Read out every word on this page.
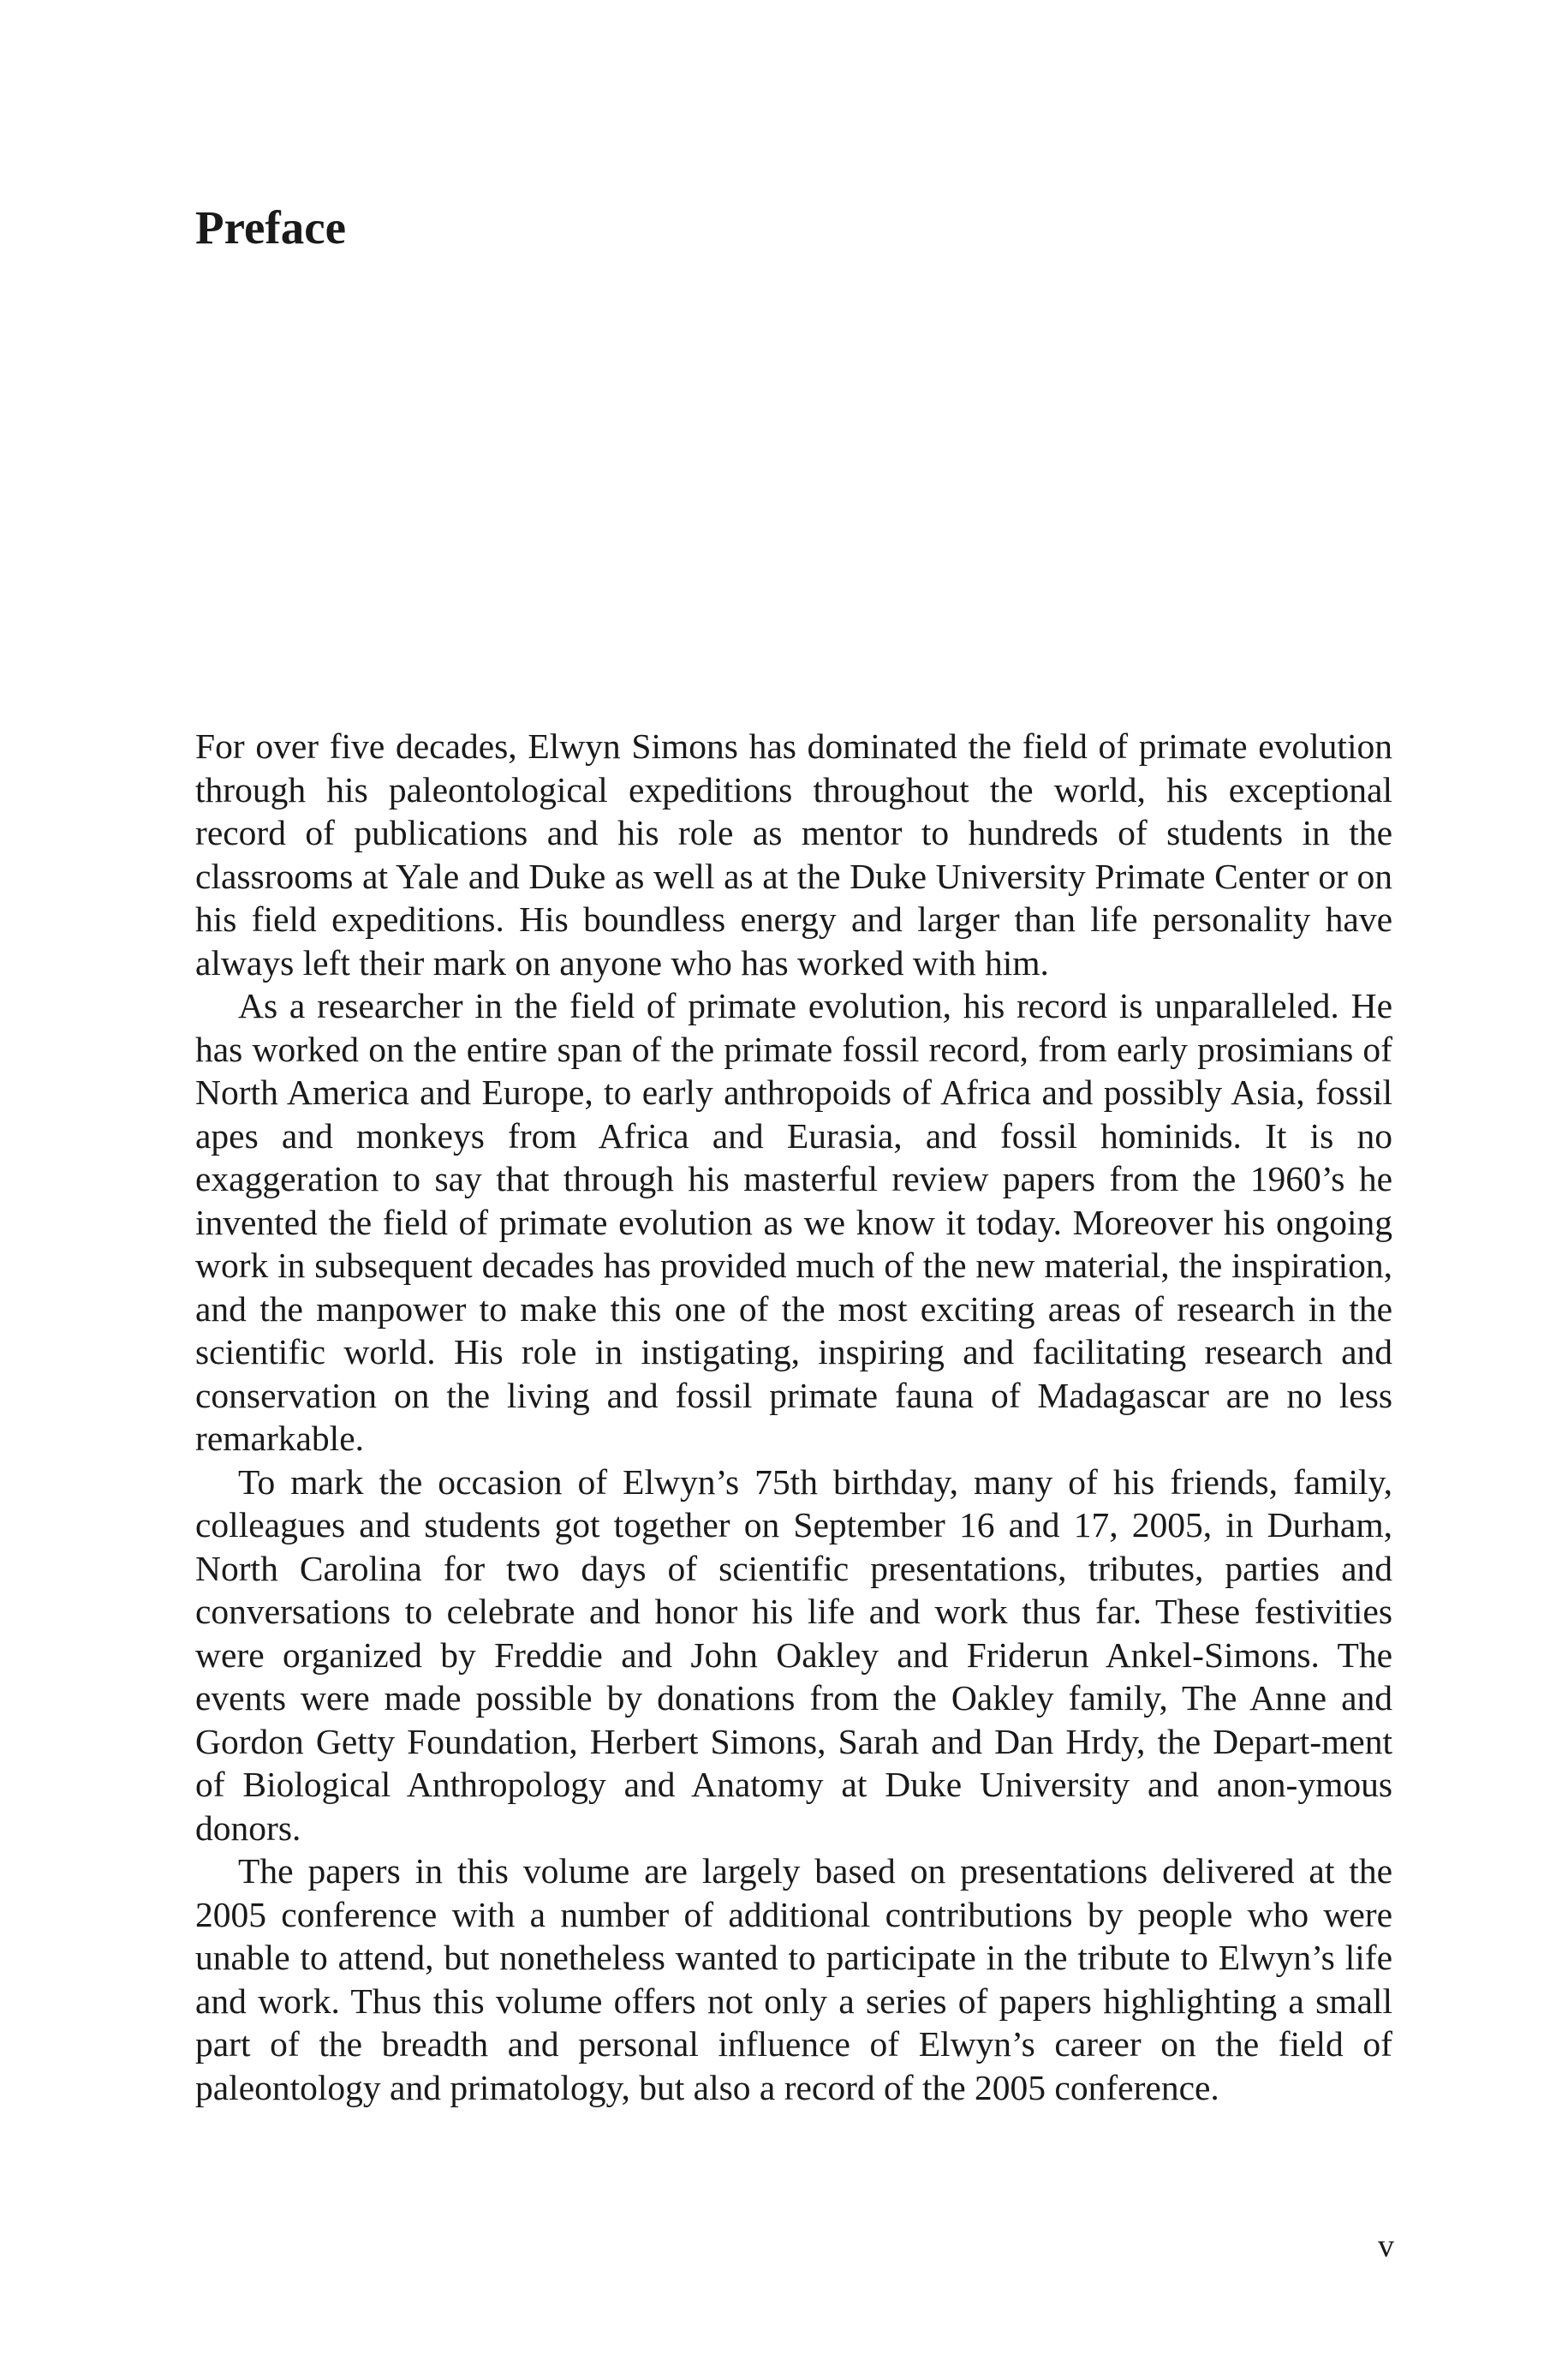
Preface

For over five decades, Elwyn Simons has dominated the field of primate evolution through his paleontological expeditions throughout the world, his exceptional record of publications and his role as mentor to hundreds of students in the classrooms at Yale and Duke as well as at the Duke University Primate Center or on his field expeditions. His boundless energy and larger than life personality have always left their mark on anyone who has worked with him.

As a researcher in the field of primate evolution, his record is unparalleled. He has worked on the entire span of the primate fossil record, from early prosimians of North America and Europe, to early anthropoids of Africa and possibly Asia, fossil apes and monkeys from Africa and Eurasia, and fossil hominids. It is no exaggeration to say that through his masterful review papers from the 1960’s he invented the field of primate evolution as we know it today. Moreover his ongoing work in subsequent decades has provided much of the new material, the inspiration, and the manpower to make this one of the most exciting areas of research in the scientific world. His role in instigating, inspiring and facilitating research and conservation on the living and fossil primate fauna of Madagascar are no less remarkable.

To mark the occasion of Elwyn’s 75th birthday, many of his friends, family, colleagues and students got together on September 16 and 17, 2005, in Durham, North Carolina for two days of scientific presentations, tributes, parties and conversations to celebrate and honor his life and work thus far. These festivities were organized by Freddie and John Oakley and Friderun Ankel-Simons. The events were made possible by donations from the Oakley family, The Anne and Gordon Getty Foundation, Herbert Simons, Sarah and Dan Hrdy, the Depart-ment of Biological Anthropology and Anatomy at Duke University and anon-ymous donors.

The papers in this volume are largely based on presentations delivered at the 2005 conference with a number of additional contributions by people who were unable to attend, but nonetheless wanted to participate in the tribute to Elwyn’s life and work. Thus this volume offers not only a series of papers highlighting a small part of the breadth and personal influence of Elwyn’s career on the field of paleontology and primatology, but also a record of the 2005 conference.

v
